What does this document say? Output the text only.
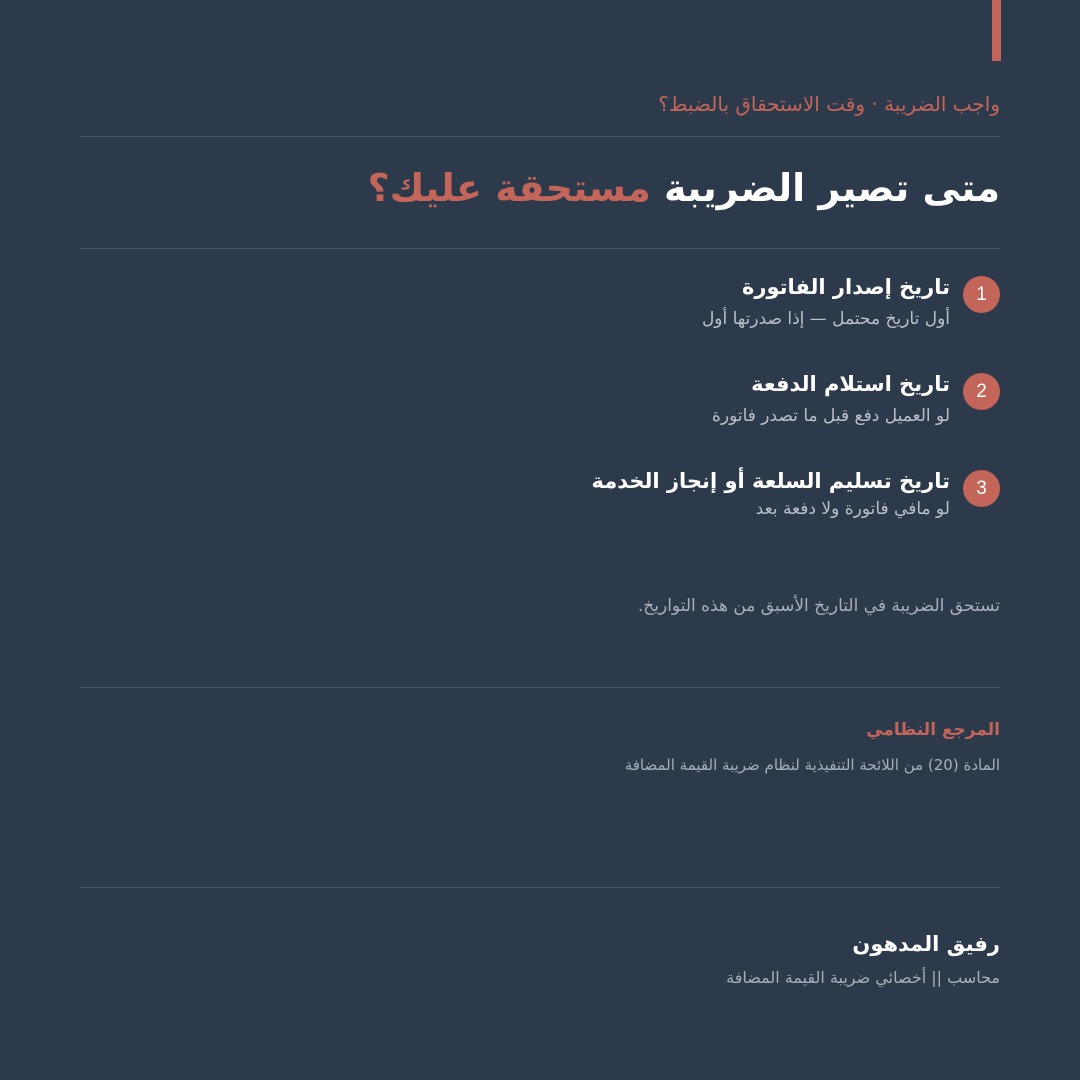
واجب الضريبة · وقت الاستحقاق بالضبط؟
متى تصير الضريبة مستحقة عليك؟
1
تاريخ إصدار الفاتورة
أول تاريخ محتمل — إذا صدرتها أول
2
تاريخ استلام الدفعة
لو العميل دفع قبل ما تصدر فاتورة
3
تاريخ تسليم السلعة أو إنجاز الخدمة
لو مافي فاتورة ولا دفعة بعد
تستحق الضريبة في التاريخ الأسبق من هذه التواريخ.
المرجع النظامي
المادة (20) من اللائحة التنفيذية لنظام ضريبة القيمة المضافة
رفيق المدهون
محاسب || أخصائي ضريبة القيمة المضافة
